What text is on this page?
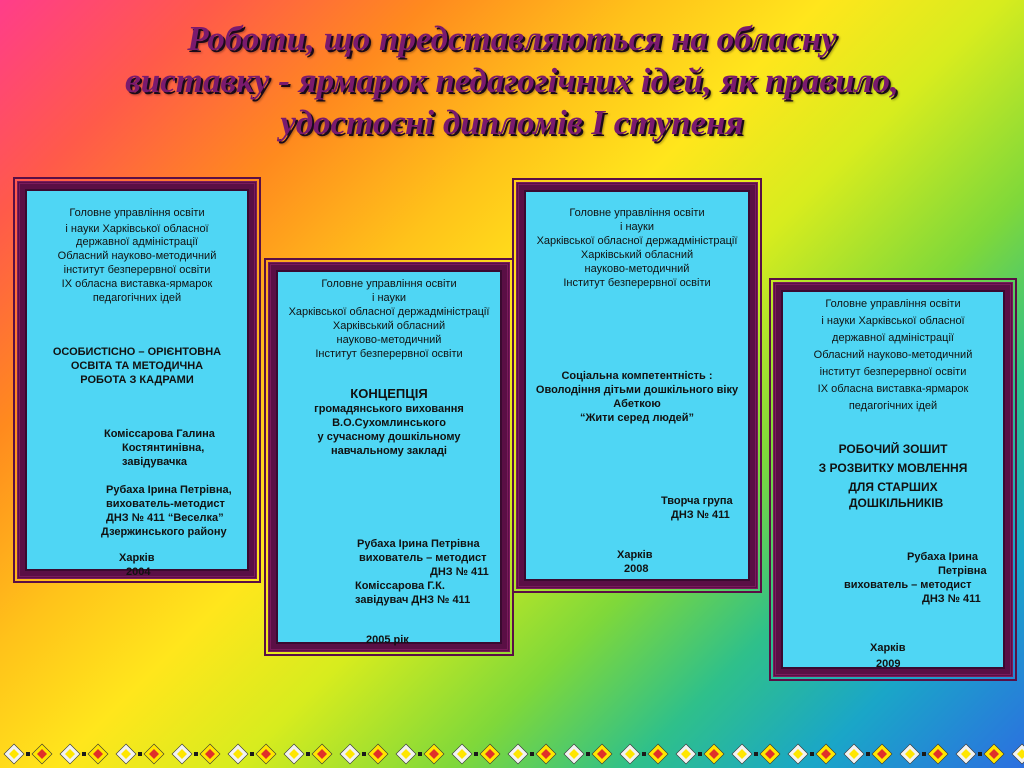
Роботи, що представляються на обласну
виставку - ярмарок педагогічних ідей, як правило,
удостоєні дипломів І ступеня
Головне управління освіти
і науки Харківської обласної
державної адміністрації
Обласний науково-методичний
інститут безперервної освіти
ІХ обласна виставка-ярмарок
педагогічних ідей
ОСОБИСТІСНО – ОРІЄНТОВНА
ОСВІТА ТА МЕТОДИЧНА
РОБОТА З КАДРАМИ
Коміссарова Галина
Костянтинівна,
завідувачка
Рубаха Ірина Петрівна,
вихователь-методист
ДНЗ № 411 “Веселка”
Дзержинського району
Харків
2004
Головне управління освіти
і науки
Харківської обласної держадміністрації
Харківський обласний
науково-методичний
Інститут безперервної освіти
КОНЦЕПЦІЯ
громадянського виховання
В.О.Сухомлинського
у сучасному дошкільному
навчальному закладі
Рубаха Ірина Петрівна
вихователь – методист
ДНЗ № 411
Коміссарова Г.К.
завідувач ДНЗ № 411
2005 рік
Головне управління освіти
і науки
Харківської обласної держадміністрації
Харківський обласний
науково-методичний
Інститут безперервної освіти
Соціальна компетентність :
Оволодіння дітьми дошкільного віку
Абеткою
“Жити серед людей”
Творча група
ДНЗ № 411
Харків
2008
Головне управління освіти
і науки Харківської обласної
державної адміністрації
Обласний науково-методичний
інститут безперервної освіти
ІХ обласна виставка-ярмарок
педагогічних ідей
РОБОЧИЙ ЗОШИТ
З РОЗВИТКУ МОВЛЕННЯ
ДЛЯ СТАРШИХ
ДОШКІЛЬНИКІВ
Рубаха Ірина
Петрівна
вихователь – методист
ДНЗ № 411
Харків
2009
